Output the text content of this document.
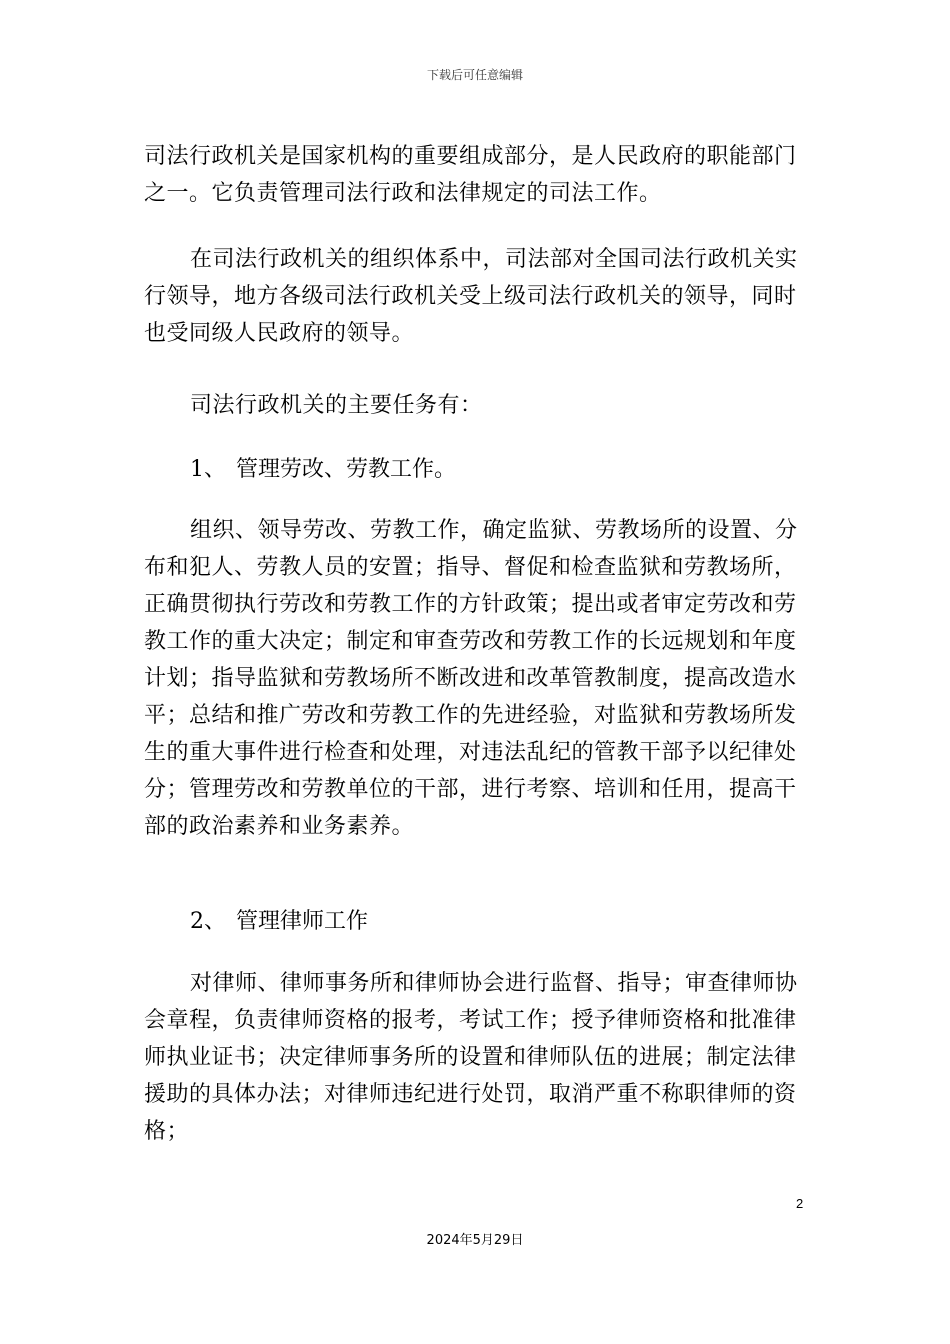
下载后可任意编辑
司法行政机关是国家机构的重要组成部分，是人民政府的职能部门之一。它负责管理司法行政和法律规定的司法工作。
在司法行政机关的组织体系中，司法部对全国司法行政机关实行领导，地方各级司法行政机关受上级司法行政机关的领导，同时也受同级人民政府的领导。
司法行政机关的主要任务有：
1、 管理劳改、劳教工作。
组织、领导劳改、劳教工作，确定监狱、劳教场所的设置、分布和犯人、劳教人员的安置；指导、督促和检查监狱和劳教场所，正确贯彻执行劳改和劳教工作的方针政策；提出或者审定劳改和劳教工作的重大决定；制定和审查劳改和劳教工作的长远规划和年度计划；指导监狱和劳教场所不断改进和改革管教制度，提高改造水平；总结和推广劳改和劳教工作的先进经验，对监狱和劳教场所发生的重大事件进行检查和处理，对违法乱纪的管教干部予以纪律处分；管理劳改和劳教单位的干部，进行考察、培训和任用，提高干部的政治素养和业务素养。
2、 管理律师工作
对律师、律师事务所和律师协会进行监督、指导；审查律师协会章程，负责律师资格的报考，考试工作；授予律师资格和批准律师执业证书；决定律师事务所的设置和律师队伍的进展；制定法律援助的具体办法；对律师违纪进行处罚，取消严重不称职律师的资格；
2
2024年5月29日
